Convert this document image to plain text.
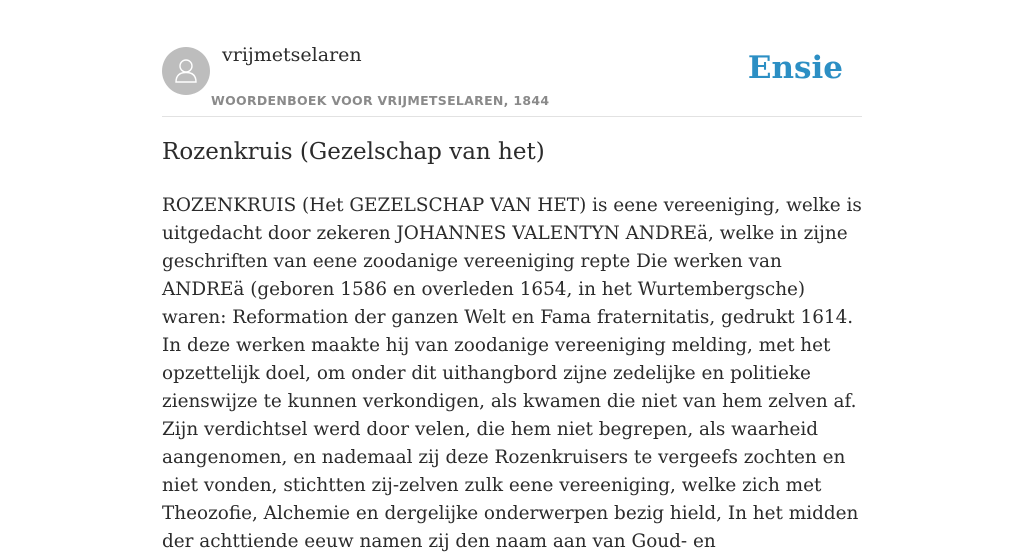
vrijmetselaren
WOORDENBOEK VOOR VRIJMETSELAREN, 1844
Ensie
Rozenkruis (Gezelschap van het)

ROZENKRUIS (Het GEZELSCHAP VAN HET) is eene vereeniging, welke is uitgedacht door zekeren JOHANNES VALENTYN ANDREä, welke in zijne geschriften van eene zoodanige vereeniging repte Die werken van ANDREä (geboren 1586 en overleden 1654, in het Wurtembergsche) waren: Reformation der ganzen Welt en Fama fraternitatis, gedrukt 1614. In deze werken maakte hij van zoodanige vereeniging melding, met het opzettelijk doel, om onder dit uithangbord zijne zedelijke en politieke zienswijze te kunnen verkondigen, als kwamen die niet van hem zelven af. Zijn verdichtsel werd door velen, die hem niet begrepen, als waarheid aangenomen, en nademaal zij deze Rozenkruisers te vergeefs zochten en niet vonden, stichtten zij-zelven zulk eene vereeniging, welke zich met Theozofie, Alchemie en dergelijke onderwerpen bezig hield, In het midden der achttiende eeuw namen zij den naam aan van Goud- en
